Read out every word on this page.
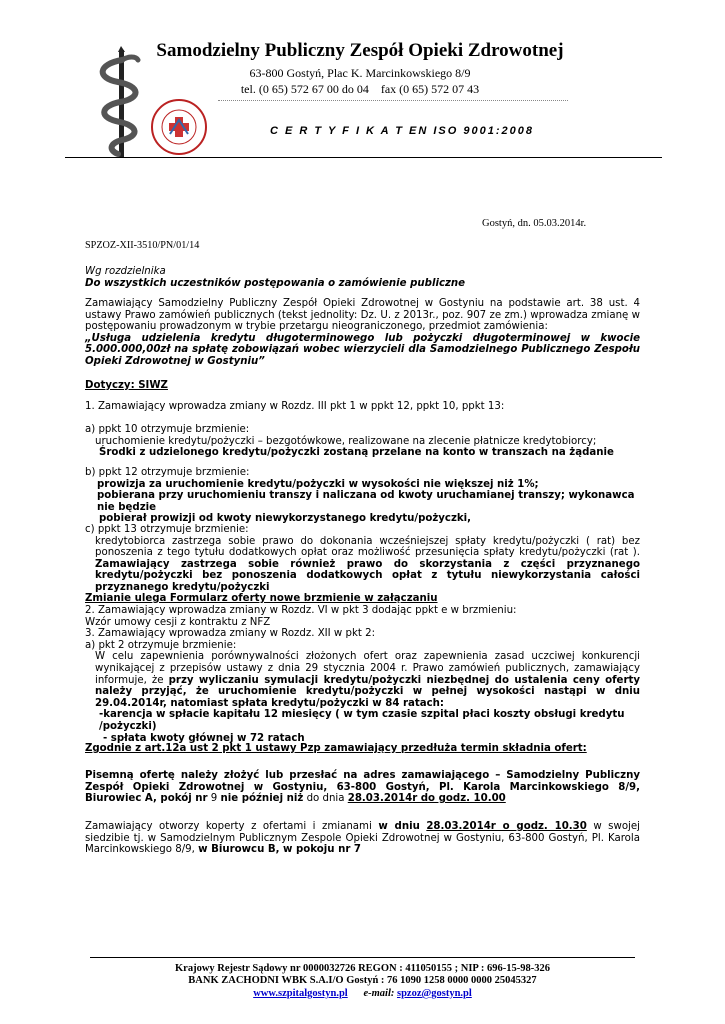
Samodzielny Publiczny Zespół Opieki Zdrowotnej
63-800 Gostyń, Plac K. Marcinkowskiego 8/9
tel. (0 65) 572 67 00 do 04 fax (0 65) 572 07 43
C E R T Y F I K A T EN ISO 9001:2008
Gostyń, dn. 05.03.2014r.
SPZOZ-XII-3510/PN/01/14
Wg rozdzielnika
Do wszystkich uczestników postępowania o zamówienie publiczne
Zamawiający Samodzielny Publiczny Zespół Opieki Zdrowotnej w Gostyniu na podstawie art. 38 ust. 4 ustawy Prawo zamówień publicznych (tekst jednolity: Dz. U. z 2013r., poz. 907 ze zm.) wprowadza zmianę w postępowaniu prowadzonym w trybie przetargu nieograniczonego, przedmiot zamówienia:
„Usługa udzielenia kredytu długoterminowego lub pożyczki długoterminowej w kwocie 5.000.000,00zł na spłatę zobowiązań wobec wierzycieli dla Samodzielnego Publicznego Zespołu Opieki Zdrowotnej w Gostyniu”
Dotyczy: SIWZ
1. Zamawiający wprowadza zmiany w Rozdz. III pkt 1 w ppkt 12, ppkt 10, ppkt 13:
a) ppkt 10 otrzymuje brzmienie:
uruchomienie kredytu/pożyczki – bezgotówkowe, realizowane na zlecenie płatnicze kredytobiorcy;
Środki z udzielonego kredytu/pożyczki zostaną przelane na konto w transzach na żądanie
b) ppkt 12 otrzymuje brzmienie:
prowizja za uruchomienie kredytu/pożyczki w wysokości nie większej niż 1%;
pobierana przy uruchomieniu transzy i naliczana od kwoty uruchamianej transzy; wykonawca nie będzie
pobierał prowizji od kwoty niewykorzystanego kredytu/pożyczki,
c) ppkt 13 otrzymuje brzmienie:
kredytobiorca zastrzega sobie prawo do dokonania wcześniejszej spłaty kredytu/pożyczki ( rat) bez ponoszenia z tego tytułu dodatkowych opłat oraz możliwość przesunięcia spłaty kredytu/pożyczki (rat ). Zamawiający zastrzega sobie również prawo do skorzystania z części przyznanego kredytu/pożyczki bez ponoszenia dodatkowych opłat z tytułu niewykorzystania całości przyznanego kredytu/pożyczki
Zmianie ulega Formularz oferty nowe brzmienie w załączaniu
2. Zamawiający wprowadza zmiany w Rozdz. VI w pkt 3 dodając ppkt e w brzmieniu:
Wzór umowy cesji z kontraktu z NFZ
3. Zamawiający wprowadza zmiany w Rozdz. XII w pkt 2:
a) pkt 2 otrzymuje brzmienie:
W celu zapewnienia porównywalności złożonych ofert oraz zapewnienia zasad uczciwej konkurencji wynikającej z przepisów ustawy z dnia 29 stycznia 2004 r. Prawo zamówień publicznych, zamawiający informuje, że przy wyliczaniu symulacji kredytu/pożyczki niezbędnej do ustalenia ceny oferty należy przyjąć, że uruchomienie kredytu/pożyczki w pełnej wysokości nastąpi w dniu 29.04.2014r, natomiast spłata kredytu/pożyczki w 84 ratach:
-karencja w spłacie kapitału 12 miesięcy ( w tym czasie szpital płaci koszty obsługi kredytu /pożyczki)
- spłata kwoty głównej w 72 ratach
Zgodnie z art.12a ust 2 pkt 1 ustawy Pzp zamawiający przedłuża termin składnia ofert:
Pisemną ofertę należy złożyć lub przesłać na adres zamawiającego – Samodzielny Publiczny Zespół Opieki Zdrowotnej w Gostyniu, 63-800 Gostyń, Pl. Karola Marcinkowskiego 8/9, Biurowiec A, pokój nr 9 nie później niż do dnia 28.03.2014r do godz. 10.00
Zamawiający otworzy koperty z ofertami i zmianami w dniu 28.03.2014r o godz. 10.30 w swojej siedzibie tj. w Samodzielnym Publicznym Zespole Opieki Zdrowotnej w Gostyniu, 63-800 Gostyń, Pl. Karola Marcinkowskiego 8/9, w Biurowcu B, w pokoju nr 7
Krajowy Rejestr Sądowy nr 0000032726 REGON : 411050155 ; NIP : 696-15-98-326
BANK ZACHODNI WBK S.A.I/O Gostyń : 76 1090 1258 0000 0000 25045327
www.szpitalgostyn.pl e-mail: spzoz@gostyn.pl
